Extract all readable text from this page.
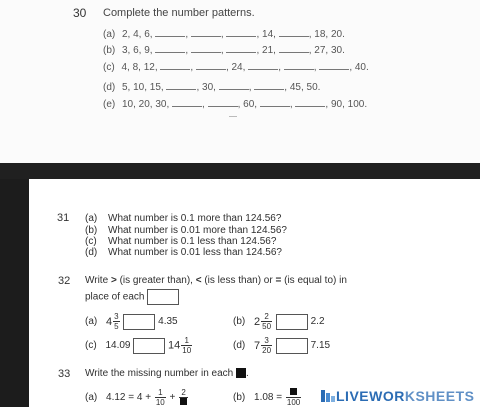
30 Complete the number patterns.
(a) 2, 4, 6,	,	,	, 14,	, 18, 20.
(b) 3, 6, 9,	,	,	, 21,	, 27, 30.
(c) 4, 8, 12,	,	, 24,	,	,	, 40.
(d) 5, 10, 15,	, 30,	,	, 45, 50.
(e) 10, 20, 30,	,	, 60,	,	, 90, 100.
31 (a) What number is 0.1 more than 124.56?
(b) What number is 0.01 more than 124.56?
(c) What number is 0.1 less than 124.56?
(d) What number is 0.01 less than 124.56?
32 Write > (is greater than), < (is less than) or = (is equal to) in
place of each
(a) $4 \frac{3}{5}$	4.35	(b) $2 \frac{2}{50}$	2.2
(c) 14.09	$14 \frac{1}{10}$	(d) $7 \frac{3}{20}$	7.15
33 Write the missing number in each .
(a) $4.12 = 4 + \frac{1}{10} + 2$	(b) 1.08 = 100	LIVEWORKSHEETS
